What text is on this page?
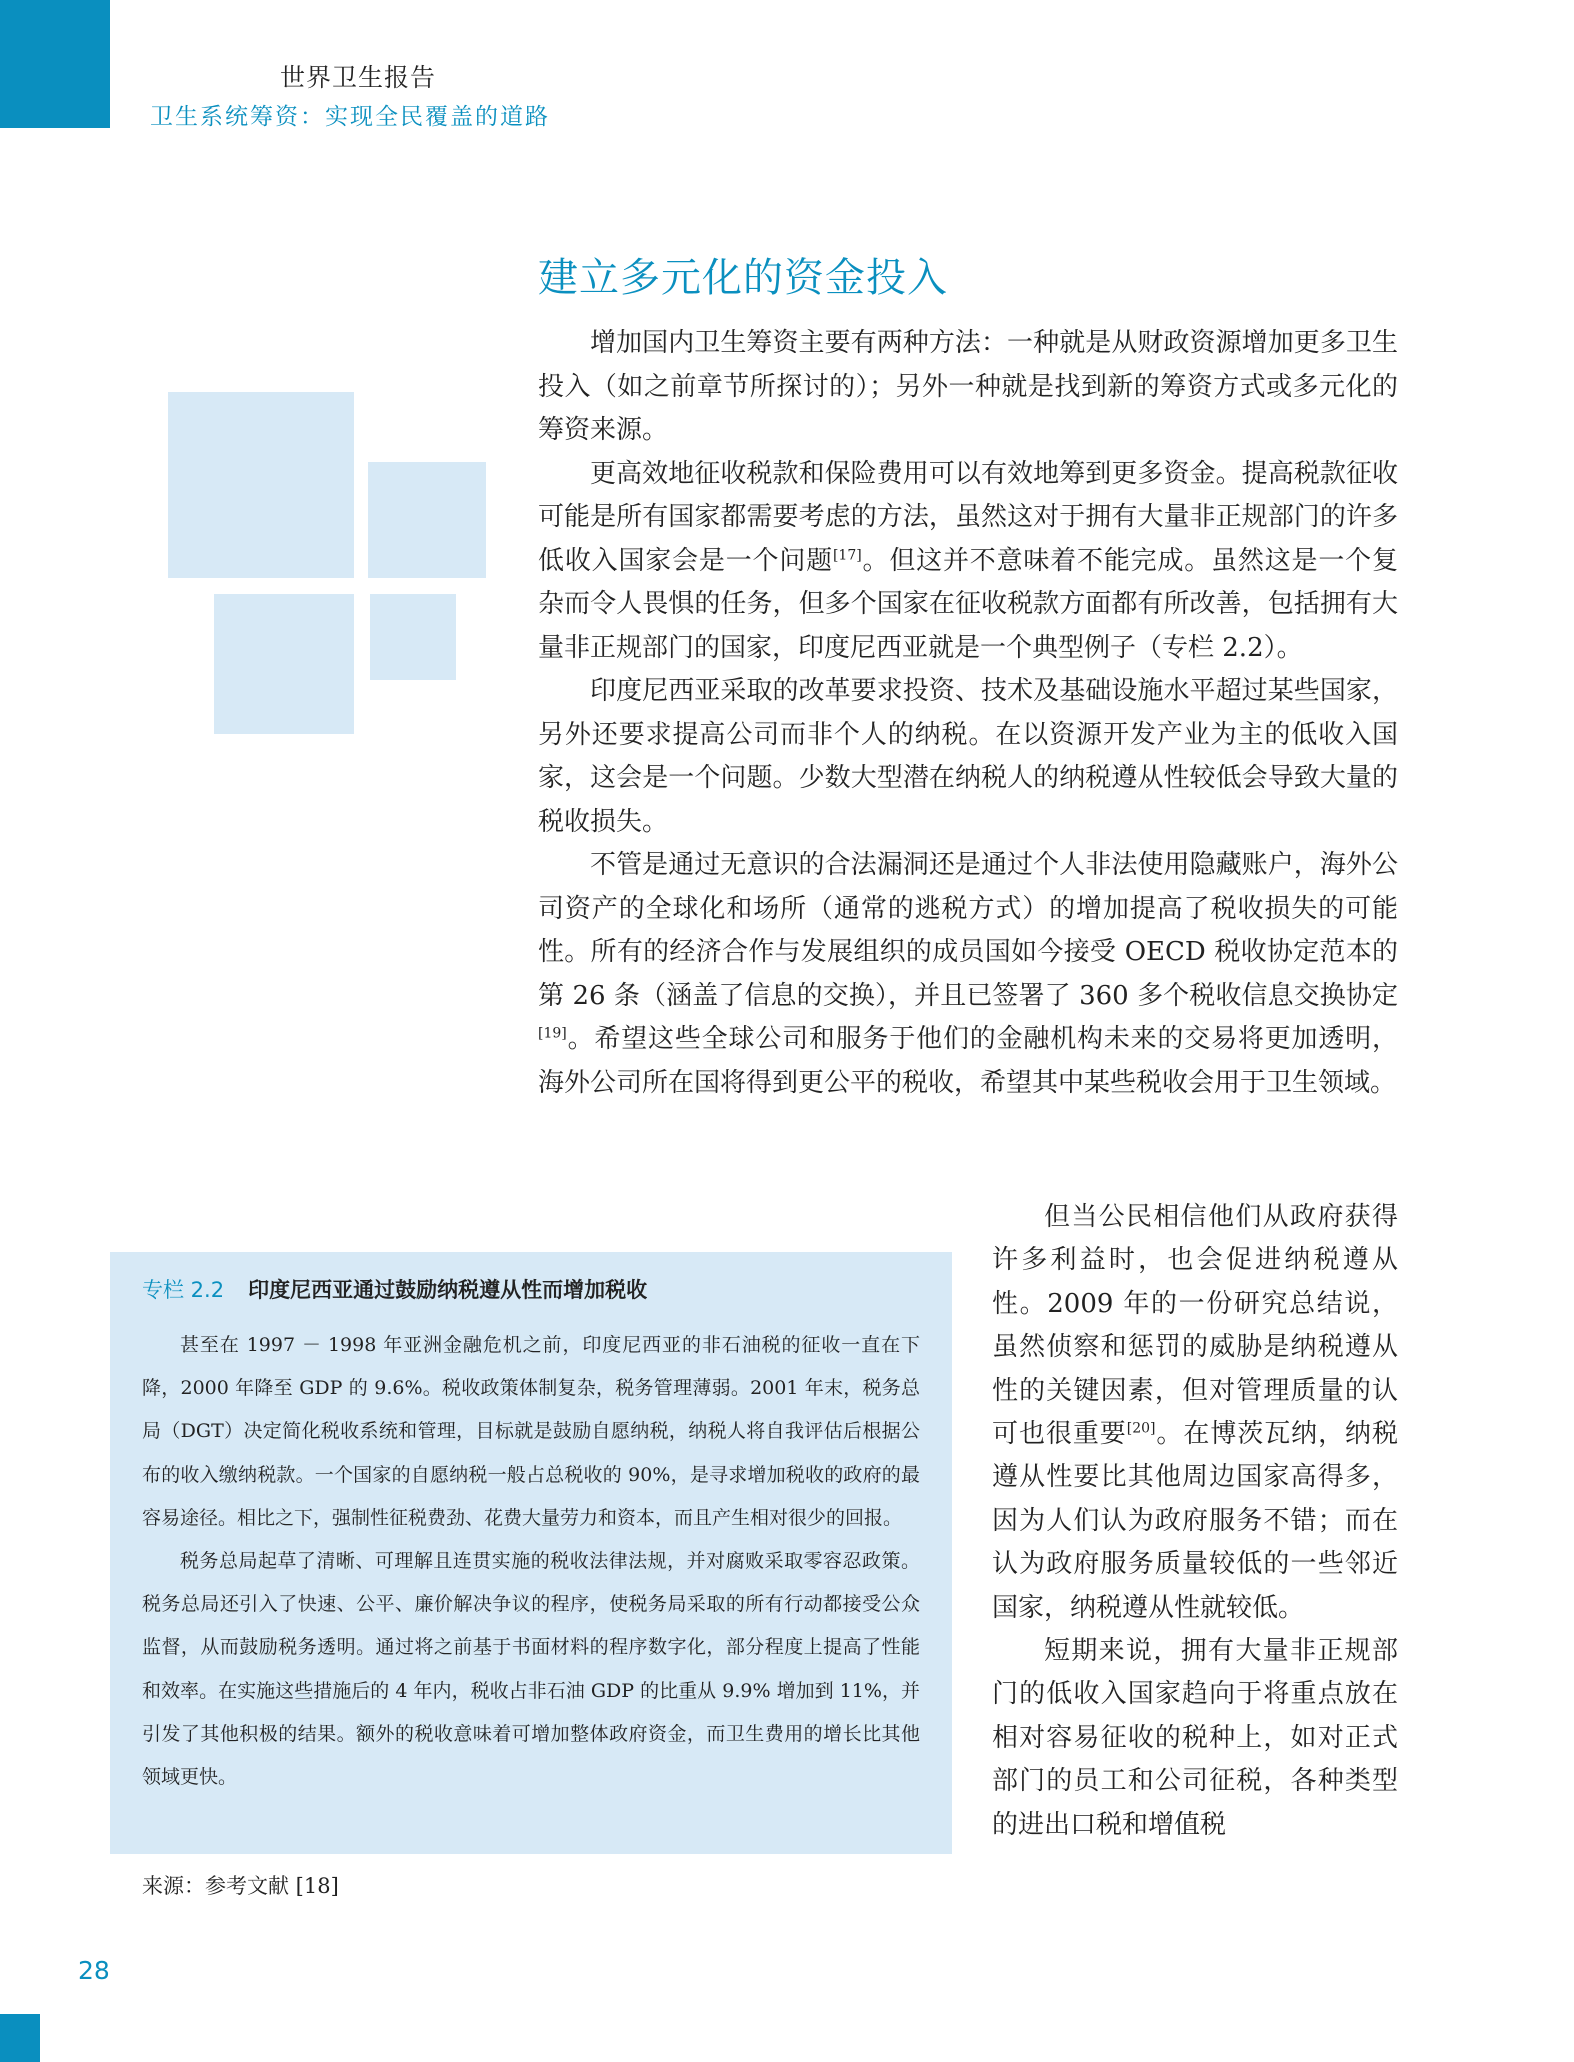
世界卫生报告
卫生系统筹资：实现全民覆盖的道路
建立多元化的资金投入

增加国内卫生筹资主要有两种方法：一种就是从财政资源增加更多卫生投入（如之前章节所探讨的）；另外一种就是找到新的筹资方式或多元化的筹资来源。

更高效地征收税款和保险费用可以有效地筹到更多资金。提高税款征收可能是所有国家都需要考虑的方法，虽然这对于拥有大量非正规部门的许多低收入国家会是一个问题[17]。但这并不意味着不能完成。虽然这是一个复杂而令人畏惧的任务，但多个国家在征收税款方面都有所改善，包括拥有大量非正规部门的国家，印度尼西亚就是一个典型例子（专栏 2.2）。

印度尼西亚采取的改革要求投资、技术及基础设施水平超过某些国家，另外还要求提高公司而非个人的纳税。在以资源开发产业为主的低收入国家，这会是一个问题。少数大型潜在纳税人的纳税遵从性较低会导致大量的税收损失。

不管是通过无意识的合法漏洞还是通过个人非法使用隐藏账户，海外公司资产的全球化和场所（通常的逃税方式）的增加提高了税收损失的可能性。所有的经济合作与发展组织的成员国如今接受 OECD 税收协定范本的第 26 条（涵盖了信息的交换），并且已签署了 360 多个税收信息交换协定[19]。希望这些全球公司和服务于他们的金融机构未来的交易将更加透明，海外公司所在国将得到更公平的税收，希望其中某些税收会用于卫生领域。

专栏 2.2 印度尼西亚通过鼓励纳税遵从性而增加税收

甚至在 1997 － 1998 年亚洲金融危机之前，印度尼西亚的非石油税的征收一直在下降，2000 年降至 GDP 的 9.6%。税收政策体制复杂，税务管理薄弱。2001 年末，税务总局（DGT）决定简化税收系统和管理，目标就是鼓励自愿纳税，纳税人将自我评估后根据公布的收入缴纳税款。一个国家的自愿纳税一般占总税收的 90%，是寻求增加税收的政府的最容易途径。相比之下，强制性征税费劲、花费大量劳力和资本，而且产生相对很少的回报。

税务总局起草了清晰、可理解且连贯实施的税收法律法规，并对腐败采取零容忍政策。税务总局还引入了快速、公平、廉价解决争议的程序，使税务局采取的所有行动都接受公众监督，从而鼓励税务透明。通过将之前基于书面材料的程序数字化，部分程度上提高了性能和效率。在实施这些措施后的 4 年内，税收占非石油 GDP 的比重从 9.9% 增加到 11%，并引发了其他积极的结果。额外的税收意味着可增加整体政府资金，而卫生费用的增长比其他领域更快。

但当公民相信他们从政府获得许多利益时，也会促进纳税遵从性。2009 年的一份研究总结说，虽然侦察和惩罚的威胁是纳税遵从性的关键因素，但对管理质量的认可也很重要[20]。在博茨瓦纳，纳税遵从性要比其他周边国家高得多，因为人们认为政府服务不错；而在认为政府服务质量较低的一些邻近国家，纳税遵从性就较低。

短期来说，拥有大量非正规部门的低收入国家趋向于将重点放在相对容易征收的税种上，如对正式部门的员工和公司征税，各种类型的进出口税和增值税

来源：参考文献 [18]
28
